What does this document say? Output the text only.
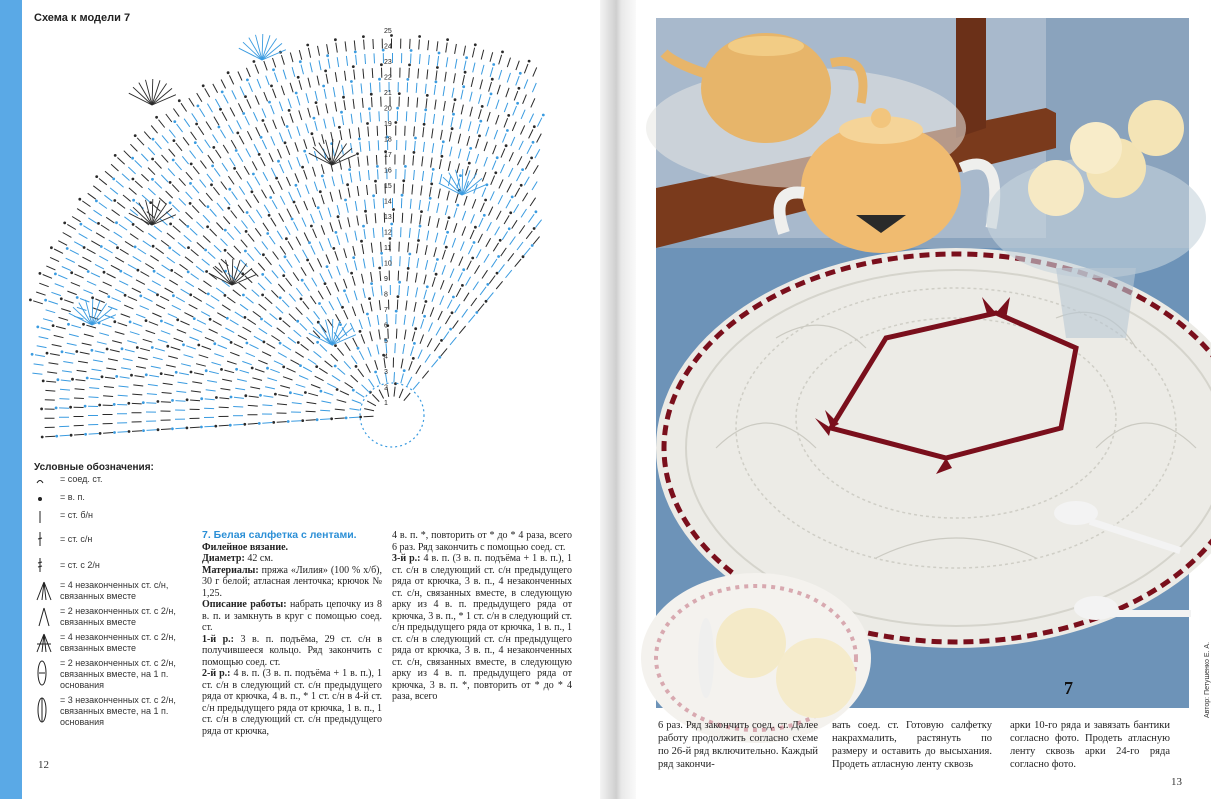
Схема к модели 7
25
24
23
22
21
20
19
18
17
16
15
14
13
12
11
10
9
8
7
6
5
4
3
2
1
Условные обозначения:
= соед. ст.
= в. п.
= ст. б/н
= ст. с/н
= ст. с 2/н
= 4 незаконченных ст. с/н, связанных вместе
= 2 незаконченных ст. с 2/н, связанных вместе
= 4 незаконченных ст. с 2/н, связанных вместе
= 2 незаконченных ст. с 2/н, связанных вместе, на 1 п. основания
= 3 незаконченных ст. с 2/н, связанных вместе, на 1 п. основания
7. Белая салфетка с лентами.
Филейное вязание.
Диаметр: 42 см.
Материалы: пряжа «Лилия» (100 % х/б), 30 г белой; атласная ленточка; крючок № 1,25.
Описание работы: набрать цепочку из 8 в. п. и замкнуть в круг с помощью соед. ст.
1-й р.: 3 в. п. подъёма, 29 ст. с/н в получившееся кольцо. Ряд закончить с помощью соед. ст.
2-й р.: 4 в. п. (3 в. п. подъёма + 1 в. п.), 1 ст. с/н в следующий ст. с/н предыдущего ряда от крючка, 4 в. п., * 1 ст. с/н в 4-й ст. с/н предыдущего ряда от крючка, 1 в. п., 1 ст. с/н в следующий ст. с/н предыдущего ряда от крючка,
4 в. п. *, повторить от * до * 4 раза, всего 6 раз. Ряд закончить с помощью соед. ст.
3-й р.: 4 в. п. (3 в. п. подъёма + 1 в. п.), 1 ст. с/н в следующий ст. с/н предыдущего ряда от крючка, 3 в. п., 4 незаконченных ст. с/н, связанных вместе, в следующую арку из 4 в. п. предыдущего ряда от крючка, 3 в. п., * 1 ст. с/н в следующий ст. с/н предыдущего ряда от крючка, 1 в. п., 1 ст. с/н в следующий ст. с/н предыдущего ряда от крючка, 3 в. п., 4 незаконченных ст. с/н, связанных вместе, в следующую арку из 4 в. п. предыдущего ряда от крючка, 3 в. п. *, повторить от * до * 4 раза, всего
12
7	Автор: Петушенко Е. А.
6 раз. Ряд закончить соед. ст. Далее работу продолжить согласно схеме по 26-й ряд включительно. Каждый ряд закончи-
вать соед. ст. Готовую салфетку накрахмалить, растянуть по размеру и оставить до высыхания. Продеть атласную ленту сквозь
арки 10-го ряда и завязать бантики согласно фото. Продеть атласную ленту сквозь арки 24-го ряда согласно фото.
13
